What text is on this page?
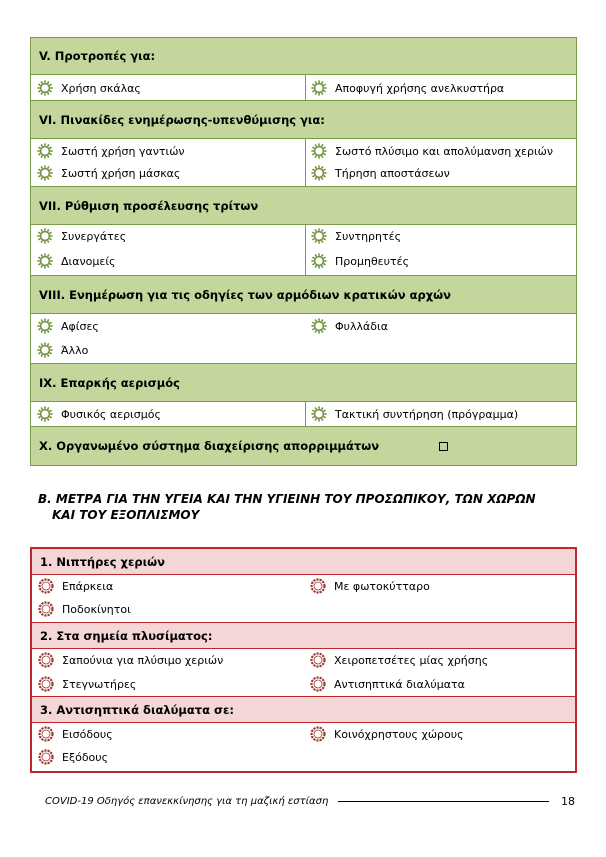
V. Προτροπές για:
Χρήση σκάλας	Αποφυγή χρήσης ανελκυστήρα
VI. Πινακίδες ενημέρωσης-υπενθύμισης για:
Σωστή χρήση γαντιών	Σωστό πλύσιμο και απολύμανση χεριών
Σωστή χρήση μάσκας	Τήρηση αποστάσεων
VII. Ρύθμιση προσέλευσης τρίτων
Συνεργάτες	Συντηρητές
Διανομείς	Προμηθευτές
VIII. Ενημέρωση για τις οδηγίες των αρμόδιων κρατικών αρχών
Αφίσες	Φυλλάδια
Άλλο
IX. Επαρκής αερισμός
Φυσικός αερισμός	Τακτική συντήρηση (πρόγραμμα)
X. Οργανωμένο σύστημα διαχείρισης απορριμμάτων
Β. ΜΕΤΡΑ ΓΙΑ ΤΗΝ ΥΓΕΙΑ ΚΑΙ ΤΗΝ ΥΓΙΕΙΝΗ ΤΟΥ ΠΡΟΣΩΠΙΚΟΥ, ΤΩΝ ΧΩΡΩΝ
ΚΑΙ ΤΟΥ ΕΞΟΠΛΙΣΜΟΥ
1. Νιπτήρες χεριών
Επάρκεια	Με φωτοκύτταρο
Ποδοκίνητοι
2. Στα σημεία πλυσίματος:
Σαπούνια για πλύσιμο χεριών	Χειροπετσέτες μίας χρήσης
Στεγνωτήρες	Αντισηπτικά διαλύματα
3. Αντισηπτικά διαλύματα σε:
Εισόδους	Κοινόχρηστους χώρους
Εξόδους
COVID-19 Οδηγός επανεκκίνησης για τη μαζική εστίαση	18
